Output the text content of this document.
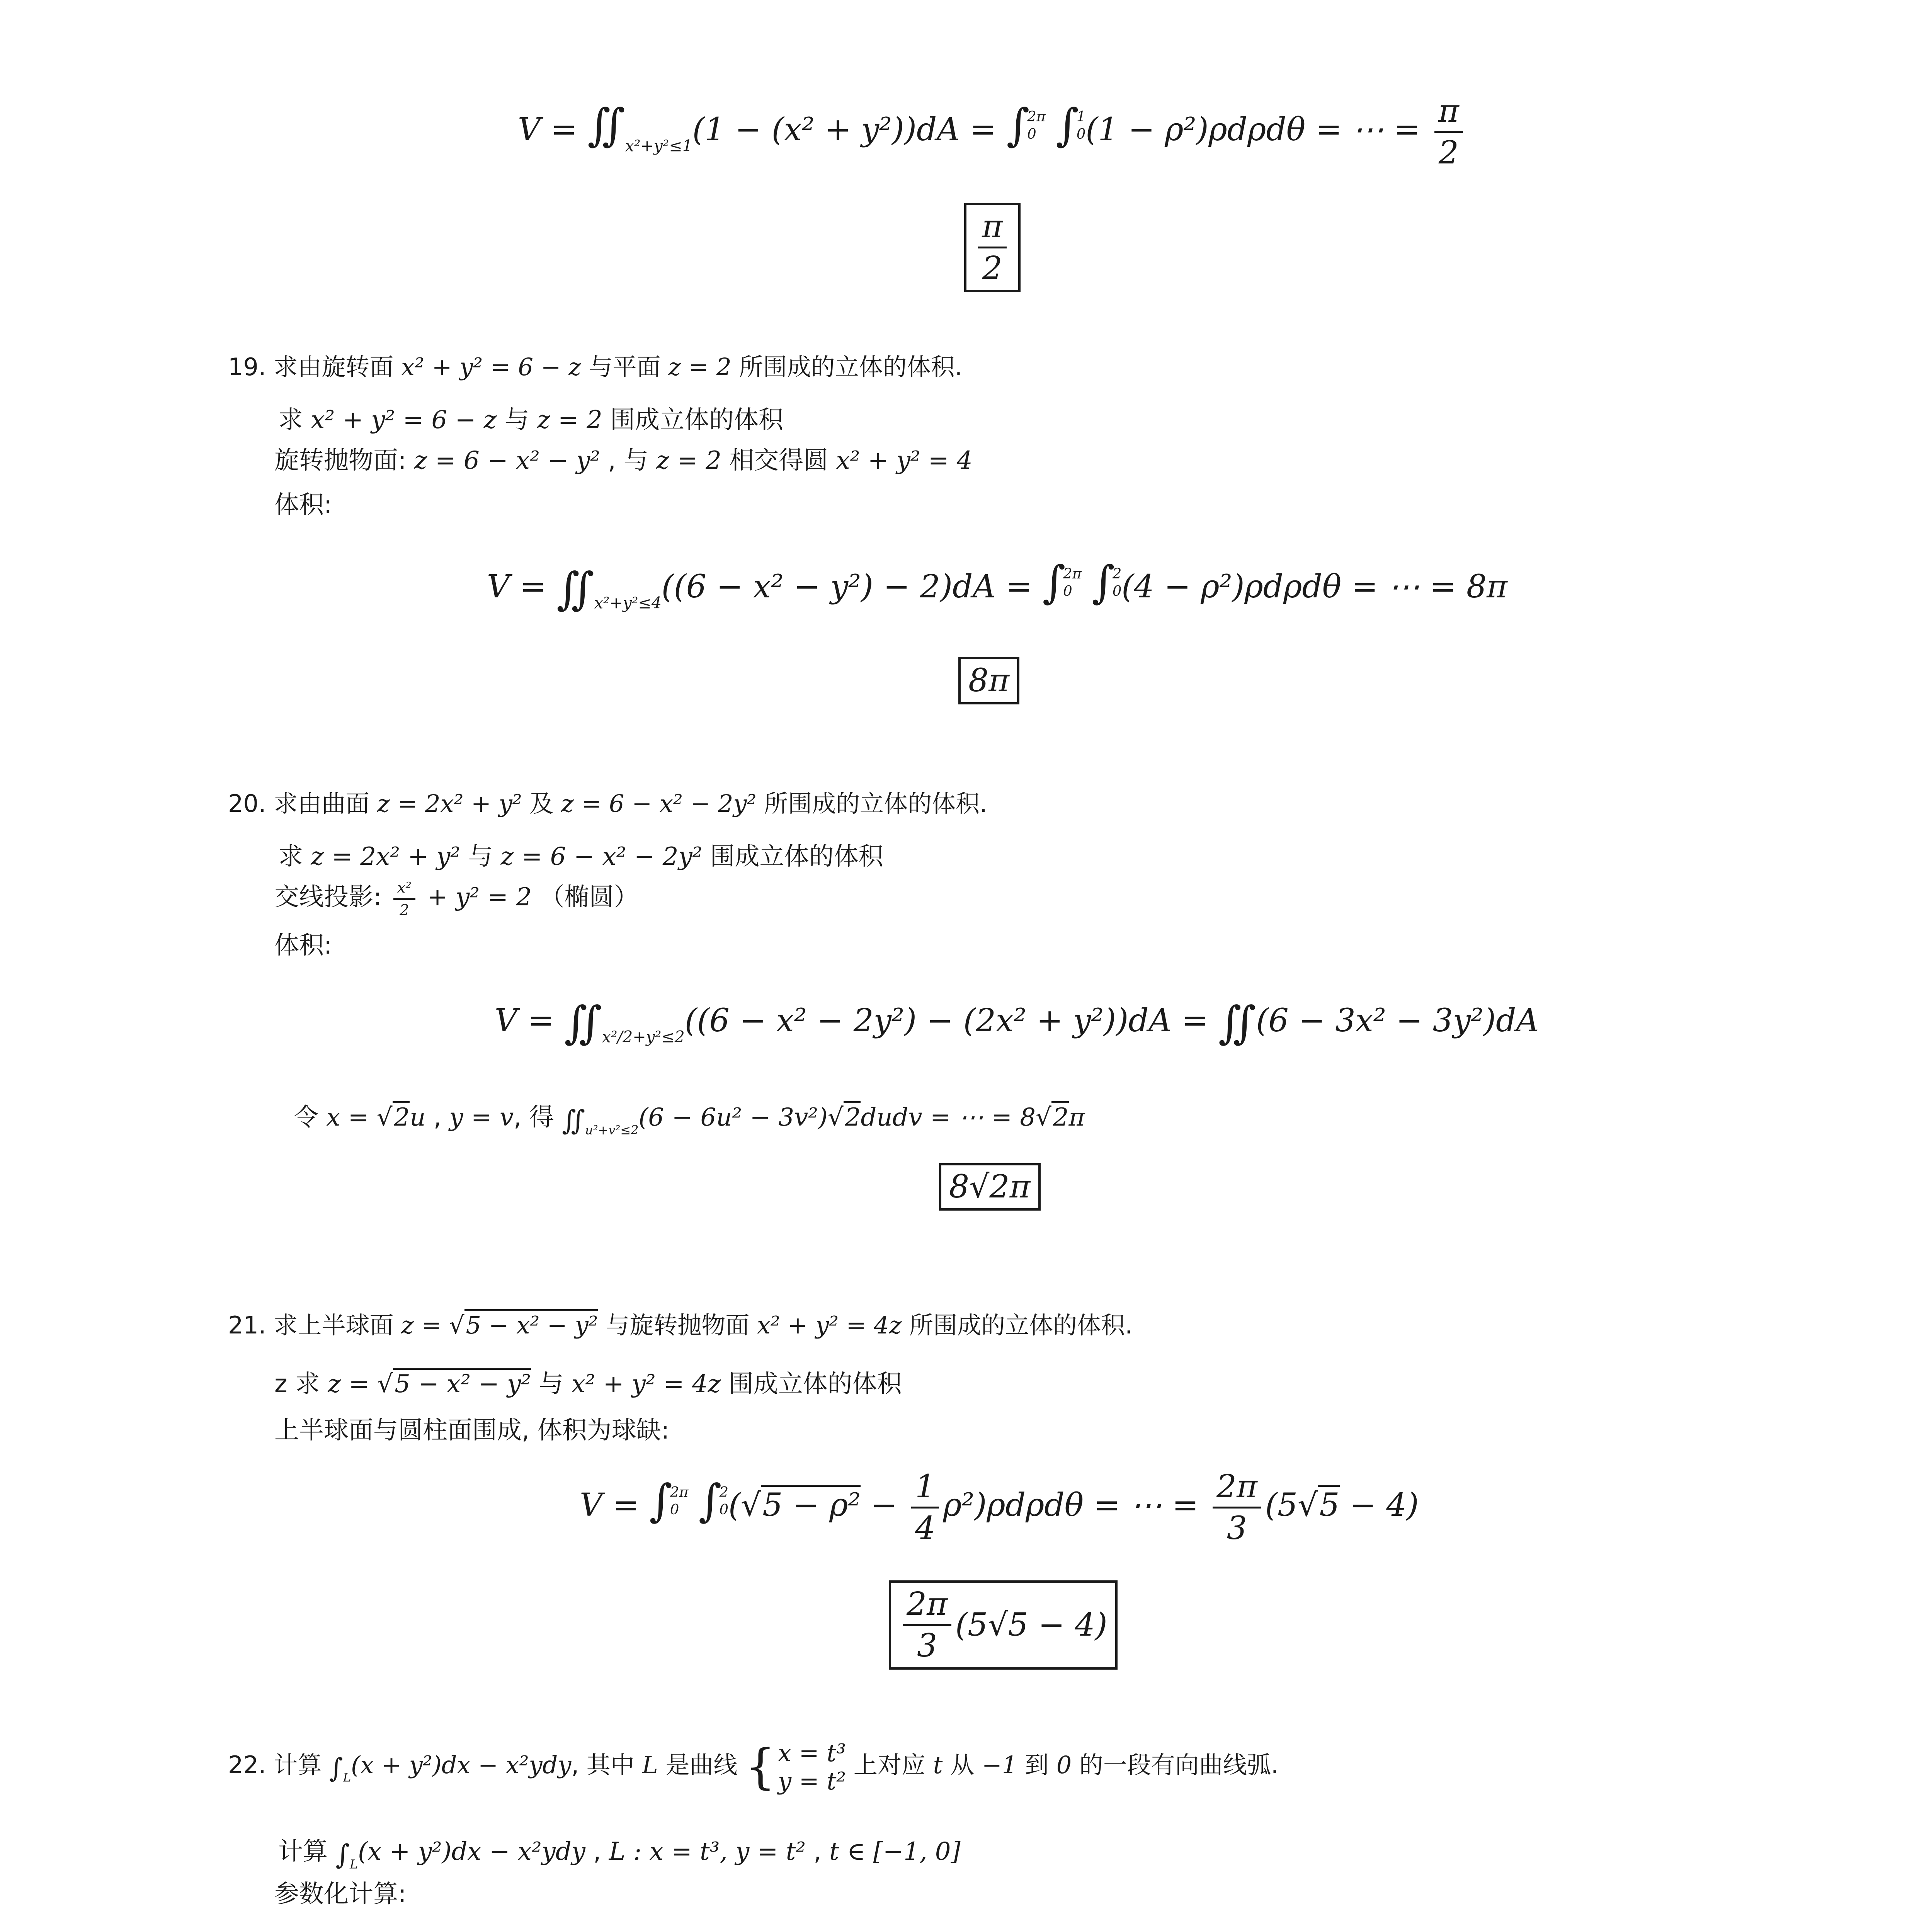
V = ∬ $_{x^2+y^2\le 1}$(1 − (x² + y²))dA = ∫
2π
0
∫
1
0 (1 − ρ²)ρdρdθ = ⋯ = $\frac{\pi}{2}$
$\frac{\pi}{2}$
19. 求由旋转面 x² + y² = 6 − z 与平面 z = 2 所围成的立体的体积.
求 x² + y² = 6 − z 与 z = 2 围成立体的体积
旋转抛物面: z = 6 − x² − y² , 与 z = 2 相交得圆 x² + y² = 4
体积:
$V = ∬_{x^2+y^2\le 4}((6 - x^2 - y^2) - 2)dA$ = ∫
2π
0
∫
2
0 (4 − ρ²)ρdρdθ = ⋯ = 8π
8π
20. 求由曲面 z = 2x² + y² 及 z = 6 − x² − 2y² 所围成的立体的体积.
求 z = 2x² + y² 与 z = 6 − x² − 2y² 围成立体的体积
交线投影: $\frac{\text{x²}}{2} + y^2 = 2$ （椭圆）
体积:
$V = ∬_{x^2/2+y^2\le 2}((6 - x^2 - 2y^2) - (2x^2 + y^2))dA$ = ∬(6 − 3x² − 3y²)dA
令 x = √2u , y = v, 得 $∬_{u^2+v^2\le 2}(6 - 6u^2$ − 3v²)√2dudv = ⋯ = 8√2π
8√2π
21. 求上半球面 z = √5 − x² − y² 与旋转抛物面 x² + y² = 4z 所围成的立体的体积.
z 求 z = √5 − x² − y² 与 x² + y² = 4z 围成立体的体积
上半球面与圆柱面围成, 体积为球缺:
V = ∫
2π
0
∫
2
0 $(√5 - \rho^2 - \frac{1}{4} \rho^2)\rho d\rho d\theta$ = ⋯ = $\frac{2\pi}{3} (5√5 - 4)$
$\frac{2\pi}{3} (5√5 - 4)$
22. 计算 $\int_L(x + y^2)dx - x^2ydy$, 其中 L 是曲线 { x = t³
y = t²
上对应 t 从 −1 到 0 的一段有向曲线弧.
计算 $\int_L(x + y^2)dx - x^2ydy$ , L : x = t³, y = t² , t ∈ [−1, 0]
参数化计算:
